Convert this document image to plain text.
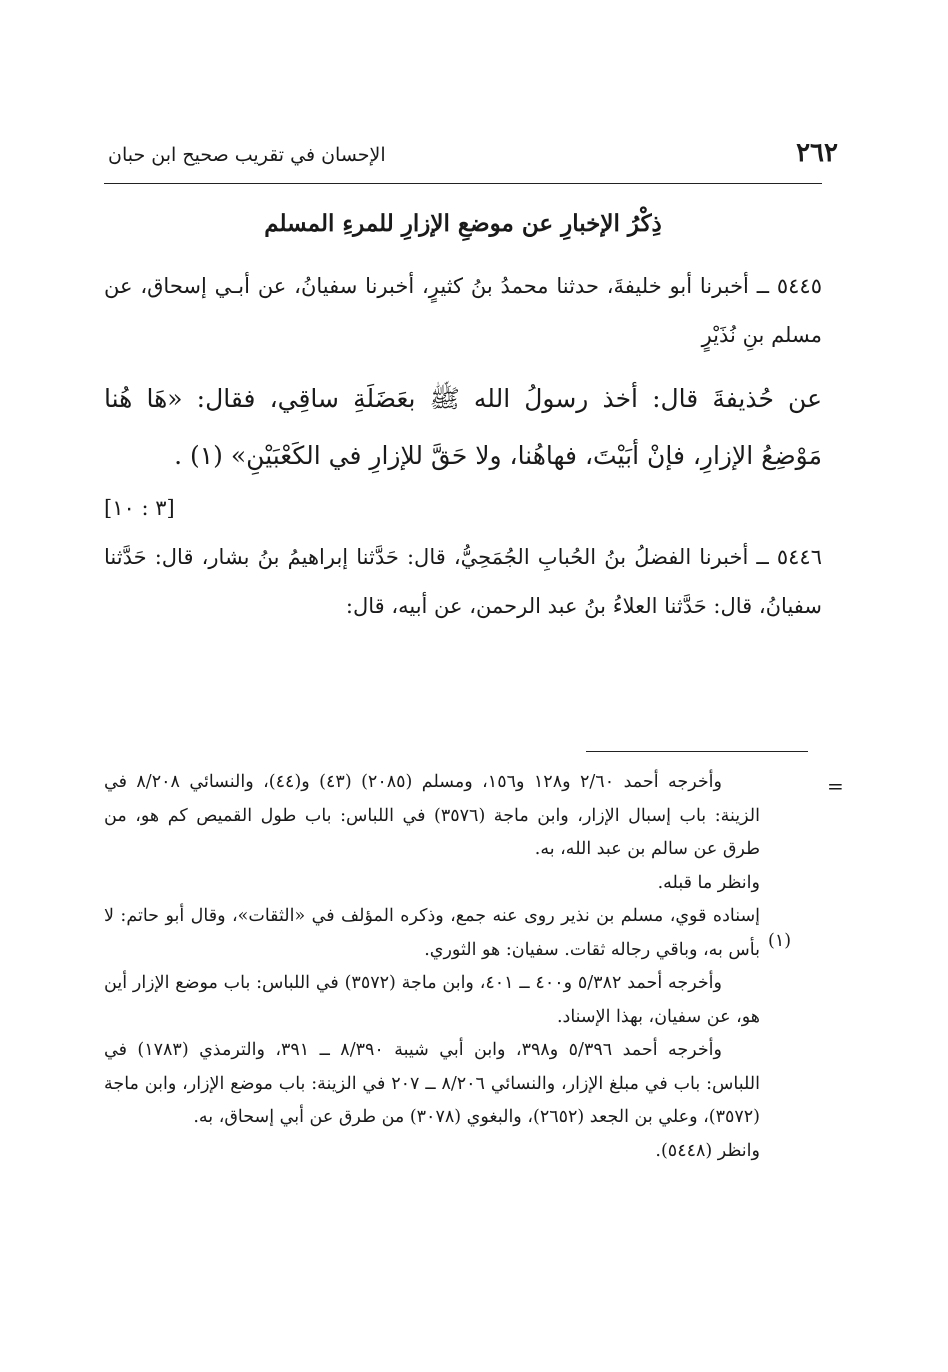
٢٦٢
الإحسان في تقريب صحيح ابن حبان
ذِكْرُ الإخبارِ عن موضعِ الإزارِ للمرءِ المسلم

٥٤٤٥ ــ أخبرنا أبو خليفةَ، حدثنا محمدُ بنُ كثيرٍ، أخبرنا سفيانُ، عن أبـي إسحاق، عن مسلم بنِ نُذَيْرٍ

عن حُذيفةَ قال: أخذ رسولُ الله ﷺ بعَضَلَةِ ساقِي، فقال: «هَا هُنا مَوْضِعُ الإزارِ، فإنْ أبَيْتَ، فهاهُنا، ولا حَقَّ للإزارِ في الكَعْبَيْنِ» (١) .

[٣ : ١٠]

٥٤٤٦ ــ أخبرنا الفضلُ بنُ الحُبابِ الجُمَحِيُّ، قال: حَدَّثنا إبراهيمُ بنُ بشار، قال: حَدَّثنا سفيانُ، قال: حَدَّثنا العلاءُ بنُ عبد الرحمن، عن أبيه، قال:

=
(١)

وأخرجه أحمد ٢/٦٠ و١٢٨ و١٥٦، ومسلم (٢٠٨٥) (٤٣) و(٤٤)، والنسائي ٨/٢٠٨ في الزينة: باب إسبال الإزار، وابن ماجة (٣٥٧٦) في اللباس: باب طول القميص كم هو، من طرق عن سالم بن عبد الله، به.

وانظر ما قبله.

إسناده قوي، مسلم بن نذير روى عنه جمع، وذكره المؤلف في «الثقات»، وقال أبو حاتم: لا بأس به، وباقي رجاله ثقات. سفيان: هو الثوري.

وأخرجه أحمد ٥/٣٨٢ و٤٠٠ ــ ٤٠١، وابن ماجة (٣٥٧٢) في اللباس: باب موضع الإزار أين هو، عن سفيان، بهذا الإسناد.

وأخرجه أحمد ٥/٣٩٦ و٣٩٨، وابن أبي شيبة ٨/٣٩٠ ــ ٣٩١، والترمذي (١٧٨٣) في اللباس: باب في مبلغ الإزار، والنسائي ٨/٢٠٦ ــ ٢٠٧ في الزينة: باب موضع الإزار، وابن ماجة (٣٥٧٢)، وعلي بن الجعد (٢٦٥٢)، والبغوي (٣٠٧٨) من طرق عن أبي إسحاق، به.

وانظر (٥٤٤٨).
